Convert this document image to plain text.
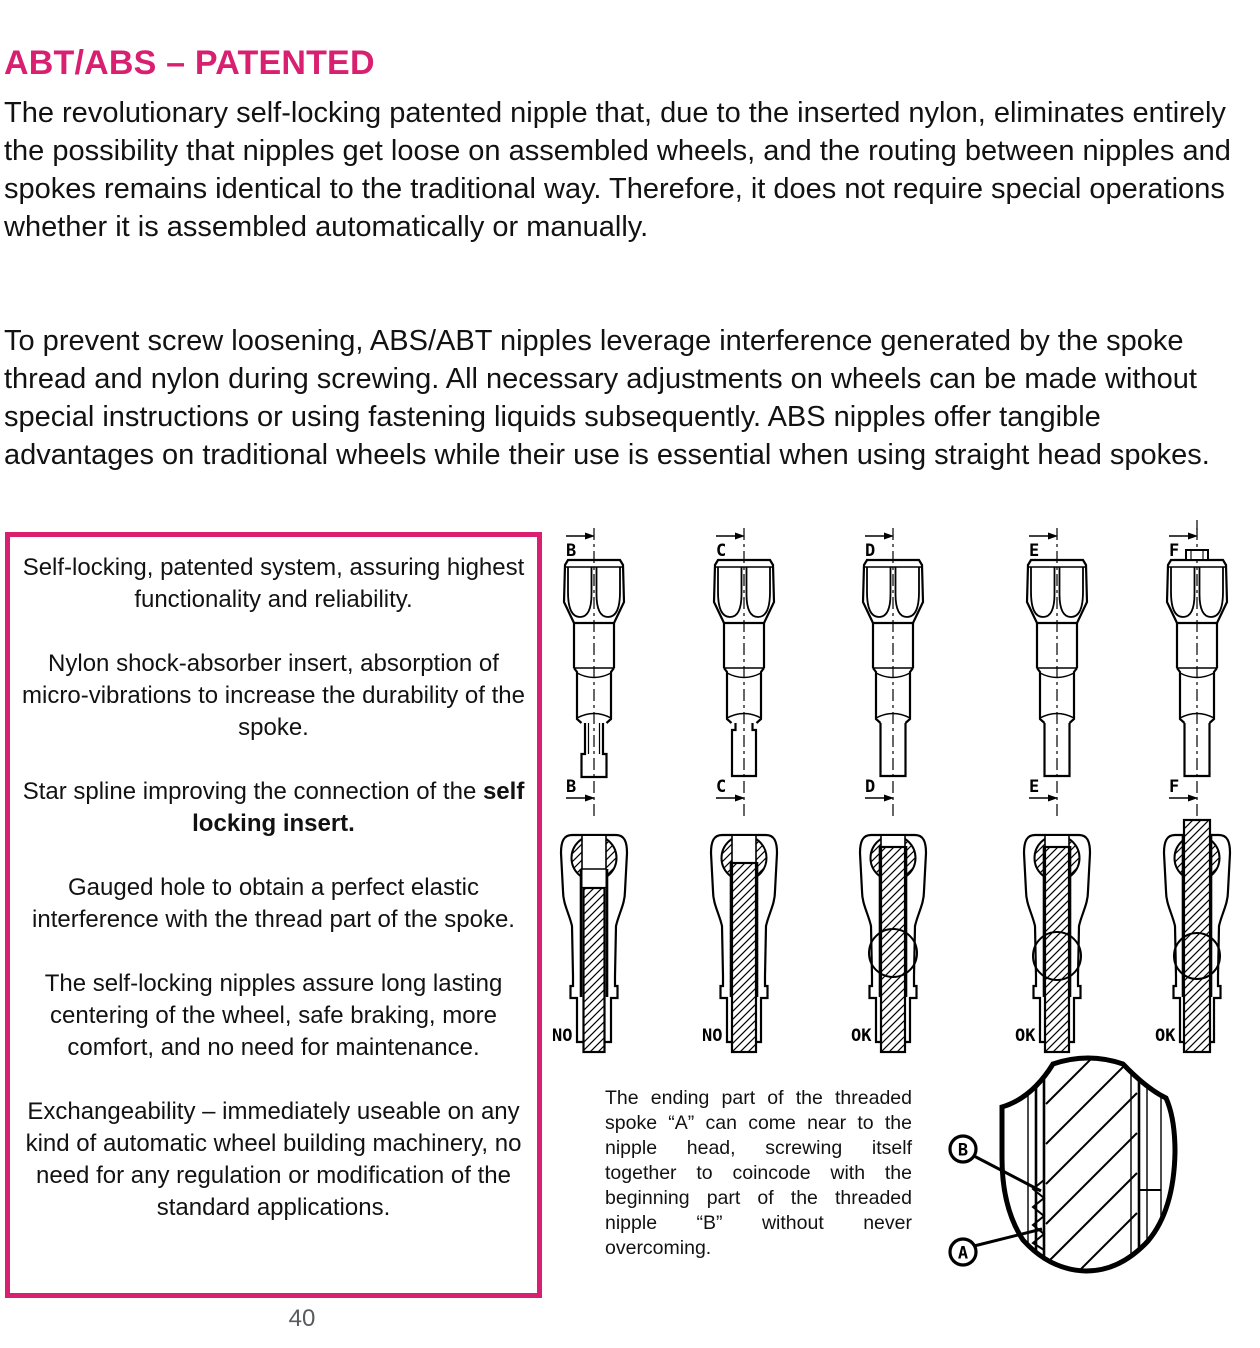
ABT/ABS – PATENTED

The revolutionary self-locking patented nipple that, due to the inserted nylon, eliminates entirely the possibility that nipples get loose on assembled wheels, and the routing between nipples and spokes remains identical to the traditional way. Therefore, it does not require special operations whether it is assembled automatically or manually.

To prevent screw loosening, ABS/ABT nipples leverage interference generated by the spoke thread and nylon during screwing. All necessary adjustments on wheels can be made without special instructions or using fastening liquids subsequently. ABS nipples offer tangible advantages on traditional wheels while their use is essential when using straight head spokes.

Self-locking, patented system, assuring highest functionality and reliability.

Nylon shock-absorber insert, absorption of micro-vibrations to increase the durability of the spoke.

Star spline improving the connection of the self locking insert.

Gauged hole to obtain a perfect elastic interference with the thread part of the spoke.

The self-locking nipples assure long lasting centering of the wheel, safe braking, more comfort, and no need for maintenance.

Exchangeability – immediately useable on any kind of automatic wheel building machinery, no need for any regulation or modification of the standard applications.

B
B
C
C
D
D
E
E
F
F
NO	NO	OK	OK	OK
B
A

The ending part of the threaded spoke “A” can come near to the nipple head, screwing itself together to coincode with the beginning part of the threaded nipple “B” without never overcoming.

40
